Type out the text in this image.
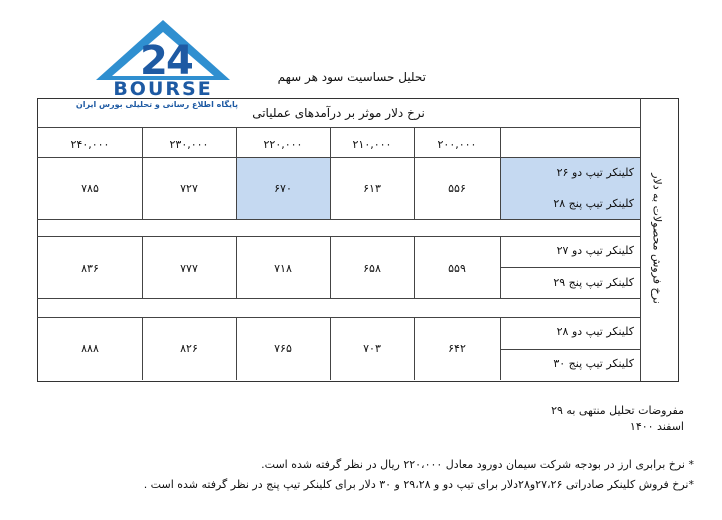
2
4
BOURSE
پایگاه اطلاع رسانی و تحلیلی بورس ایران
تحلیل حساسیت سود هر سهم
نرخ دلار موثر بر درآمدهای عملیاتی
۲۰۰,۰۰۰
۲۱۰,۰۰۰
۲۲۰,۰۰۰
۲۳۰,۰۰۰
۲۴۰,۰۰۰
کلینکر تیپ دو ۲۶
کلینکر تیپ پنج ۲۸
۵۵۶
۶۱۳
۶۷۰
۷۲۷
۷۸۵
کلینکر تیپ دو ۲۷
کلینکر تیپ پنج ۲۹
۵۵۹
۶۵۸
۷۱۸
۷۷۷
۸۳۶
کلینکر تیپ دو ۲۸
کلینکر تیپ پنج ۳۰
۶۴۲
۷۰۳
۷۶۵
۸۲۶
۸۸۸
نرخ فروش محصولات به دلار
مفروضات تحلیل منتهی به ۲۹
اسفند ۱۴۰۰
* نرخ برابری ارز در بودجه شرکت سیمان دورود معادل ۲۲۰،۰۰۰ ریال در نظر گرفته شده است.
*نرخ فروش کلینکر صادراتی ۲۷،۲۶و۲۸دلار برای تیپ دو و ۲۹،۲۸ و ۳۰ دلار برای کلینکر تیپ پنج در نظر گرفته شده است .
